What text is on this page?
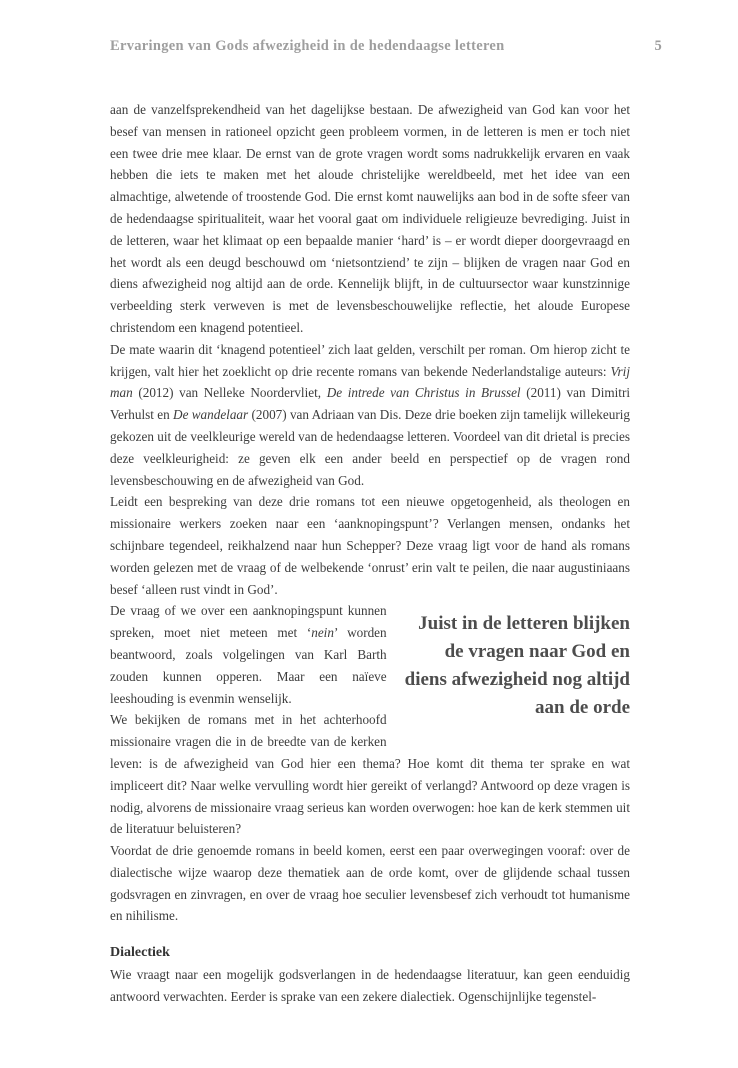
Ervaringen van Gods afwezigheid in de hedendaagse letteren	5

aan de vanzelfsprekendheid van het dagelijkse bestaan. De afwezigheid van God kan voor het besef van mensen in rationeel opzicht geen probleem vormen, in de letteren is men er toch niet een twee drie mee klaar. De ernst van de grote vragen wordt soms nadrukkelijk ervaren en vaak hebben die iets te maken met het aloude christelijke wereldbeeld, met het idee van een almachtige, alwetende of troostende God. Die ernst komt nauwelijks aan bod in de softe sfeer van de hedendaagse spiritualiteit, waar het vooral gaat om individuele religieuze bevrediging. Juist in de letteren, waar het klimaat op een bepaalde manier ‘hard’ is – er wordt dieper doorgevraagd en het wordt als een deugd beschouwd om ‘nietsontziend’ te zijn – blijken de vragen naar God en diens afwezigheid nog altijd aan de orde. Kennelijk blijft, in de cultuursector waar kunstzinnige verbeelding sterk verweven is met de levensbeschouwelijke reflectie, het aloude Europese christendom een knagend potentieel.

De mate waarin dit ‘knagend potentieel’ zich laat gelden, verschilt per roman. Om hierop zicht te krijgen, valt hier het zoeklicht op drie recente romans van bekende Nederlandstalige auteurs: Vrij man (2012) van Nelleke Noordervliet, De intrede van Christus in Brussel (2011) van Dimitri Verhulst en De wandelaar (2007) van Adriaan van Dis. Deze drie boeken zijn tamelijk willekeurig gekozen uit de veelkleurige wereld van de hedendaagse letteren. Voordeel van dit drietal is precies deze veelkleurigheid: ze geven elk een ander beeld en perspectief op de vragen rond levensbeschouwing en de afwezigheid van God.

Leidt een bespreking van deze drie romans tot een nieuwe opgetogenheid, als theologen en missionaire werkers zoeken naar een ‘aanknopingspunt’? Verlangen mensen, ondanks het schijnbare tegendeel, reikhalzend naar hun Schepper? Deze vraag ligt voor de hand als romans worden gelezen met de vraag of de welbekende ‘onrust’ erin valt te peilen, die naar augustiniaans besef ‘alleen rust vindt in God’.

Juist in de letteren blijken
de vragen naar God en
diens afwezigheid nog altijd
aan de orde

De vraag of we over een aanknopingspunt kunnen spreken, moet niet meteen met ‘nein’ worden beantwoord, zoals volgelingen van Karl Barth zouden kunnen opperen. Maar een naïeve leeshouding is evenmin wenselijk.

We bekijken de romans met in het achterhoofd missionaire vragen die in de breedte van de kerken leven: is de afwezigheid van God hier een thema? Hoe komt dit thema ter sprake en wat impliceert dit? Naar welke vervulling wordt hier gereikt of verlangd? Antwoord op deze vragen is nodig, alvorens de missionaire vraag serieus kan worden overwogen: hoe kan de kerk stemmen uit de literatuur beluisteren?

Voordat de drie genoemde romans in beeld komen, eerst een paar overwegingen vooraf: over de dialectische wijze waarop deze thematiek aan de orde komt, over de glijdende schaal tussen godsvragen en zinvragen, en over de vraag hoe seculier levensbesef zich verhoudt tot humanisme en nihilisme.

Dialectiek

Wie vraagt naar een mogelijk godsverlangen in de hedendaagse literatuur, kan geen eenduidig antwoord verwachten. Eerder is sprake van een zekere dialectiek. Ogenschijnlijke tegenstel-
